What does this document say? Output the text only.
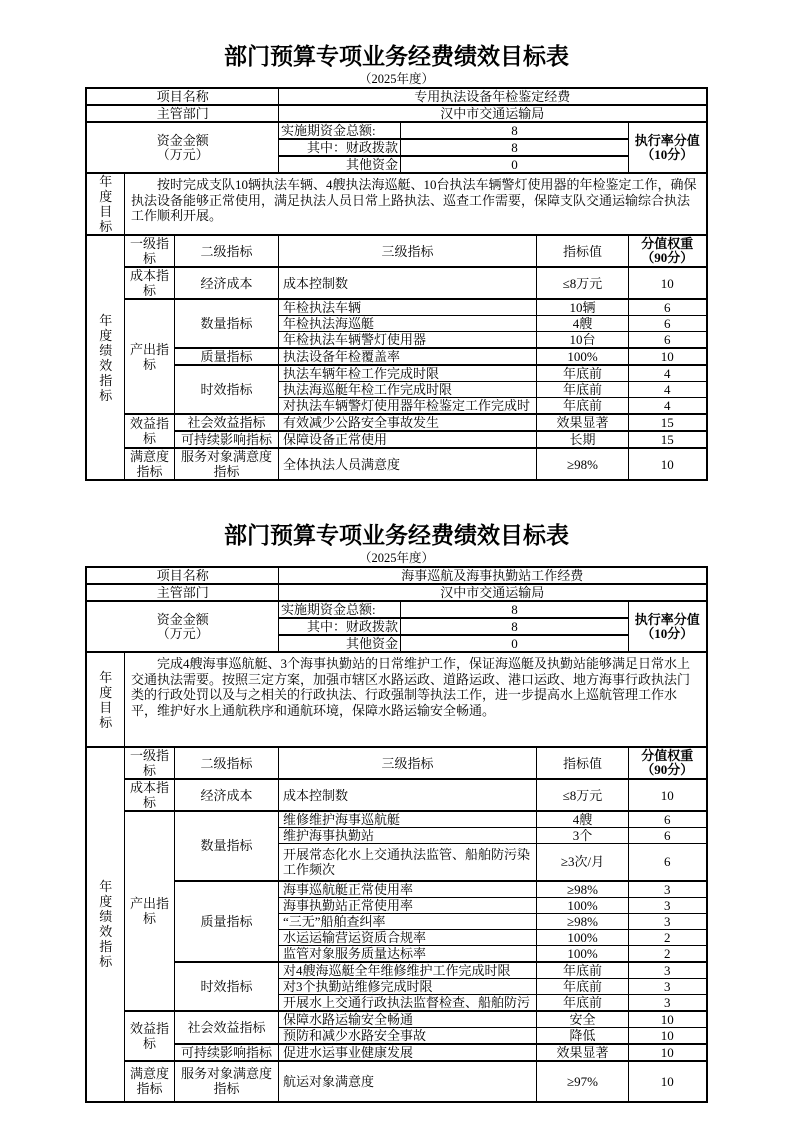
部门预算专项业务经费绩效目标表

（2025年度）

项目名称			专用执法设备年检鉴定经费			
主管部门			汉中市交通运输局			

资金金额
（万元）			实施期资金总额:	8		执行率分值
（10分）

			其中：财政拨款	8		
			其他资金	0		
年度目标	按时完成支队10辆执法车辆、4艘执法海巡艇、10台执法车辆警灯使用器的年检鉴定工作，确保执法设备能够正常使用，满足执法人员日常上路执法、巡查工作需要，保障支队交通运输综合执法工作顺利开展。					
年度绩效指标	一级指标	二级指标	三级指标		指标值	分值权重
（90分）

	成本指标	经济成本	成本控制数		≤8万元	10
	产出指标	数量指标	年检执法车辆		10辆	6
			年检执法海巡艇		4艘	6
			年检执法车辆警灯使用器		10台	6
		质量指标	执法设备年检覆盖率		100%	10
		时效指标	执法车辆年检工作完成时限		年底前	4
			执法海巡艇年检工作完成时限		年底前	4
			对执法车辆警灯使用器年检鉴定工作完成时		年底前	4
	效益指标	社会效益指标	有效减少公路安全事故发生		效果显著	15
		可持续影响指标	保障设备正常使用		长期	15
	满意度指标	服务对象满意度指标	全体执法人员满意度		≥98%	10
部门预算专项业务经费绩效目标表

（2025年度）

项目名称			海事巡航及海事执勤站工作经费			
主管部门			汉中市交通运输局			

资金金额
（万元）			实施期资金总额:	8		执行率分值
（10分）

			其中：财政拨款	8		
			其他资金	0		
年度目标	完成4艘海事巡航艇、3个海事执勤站的日常维护工作，保证海巡艇及执勤站能够满足日常水上交通执法需要。按照三定方案，加强市辖区水路运政、道路运政、港口运政、地方海事行政执法门类的行政处罚以及与之相关的行政执法、行政强制等执法工作，进一步提高水上巡航管理工作水平，维护好水上通航秩序和通航环境，保障水路运输安全畅通。					
年度绩效指标	一级指标	二级指标	三级指标		指标值	分值权重
（90分）

	成本指标	经济成本	成本控制数		≤8万元	10
	产出指标	数量指标	维修维护海事巡航艇		4艘	6
			维护海事执勤站		3个	6
			开展常态化水上交通执法监管、船舶防污染工作频次		≥3次/月	6
		质量指标	海事巡航艇正常使用率		≥98%	3
			海事执勤站正常使用率		100%	3
			“三无”船舶查纠率		≥98%	3
			水运运输营运资质合规率		100%	2
			监管对象服务质量达标率		100%	2
		时效指标	对4艘海巡艇全年维修维护工作完成时限		年底前	3
			对3个执勤站维修完成时限		年底前	3
			开展水上交通行政执法监督检查、船舶防污		年底前	3
	效益指标	社会效益指标	保障水路运输安全畅通		安全	10
			预防和减少水路安全事故		降低	10
		可持续影响指标	促进水运事业健康发展		效果显著	10
	满意度指标	服务对象满意度指标	航运对象满意度		≥97%	10
